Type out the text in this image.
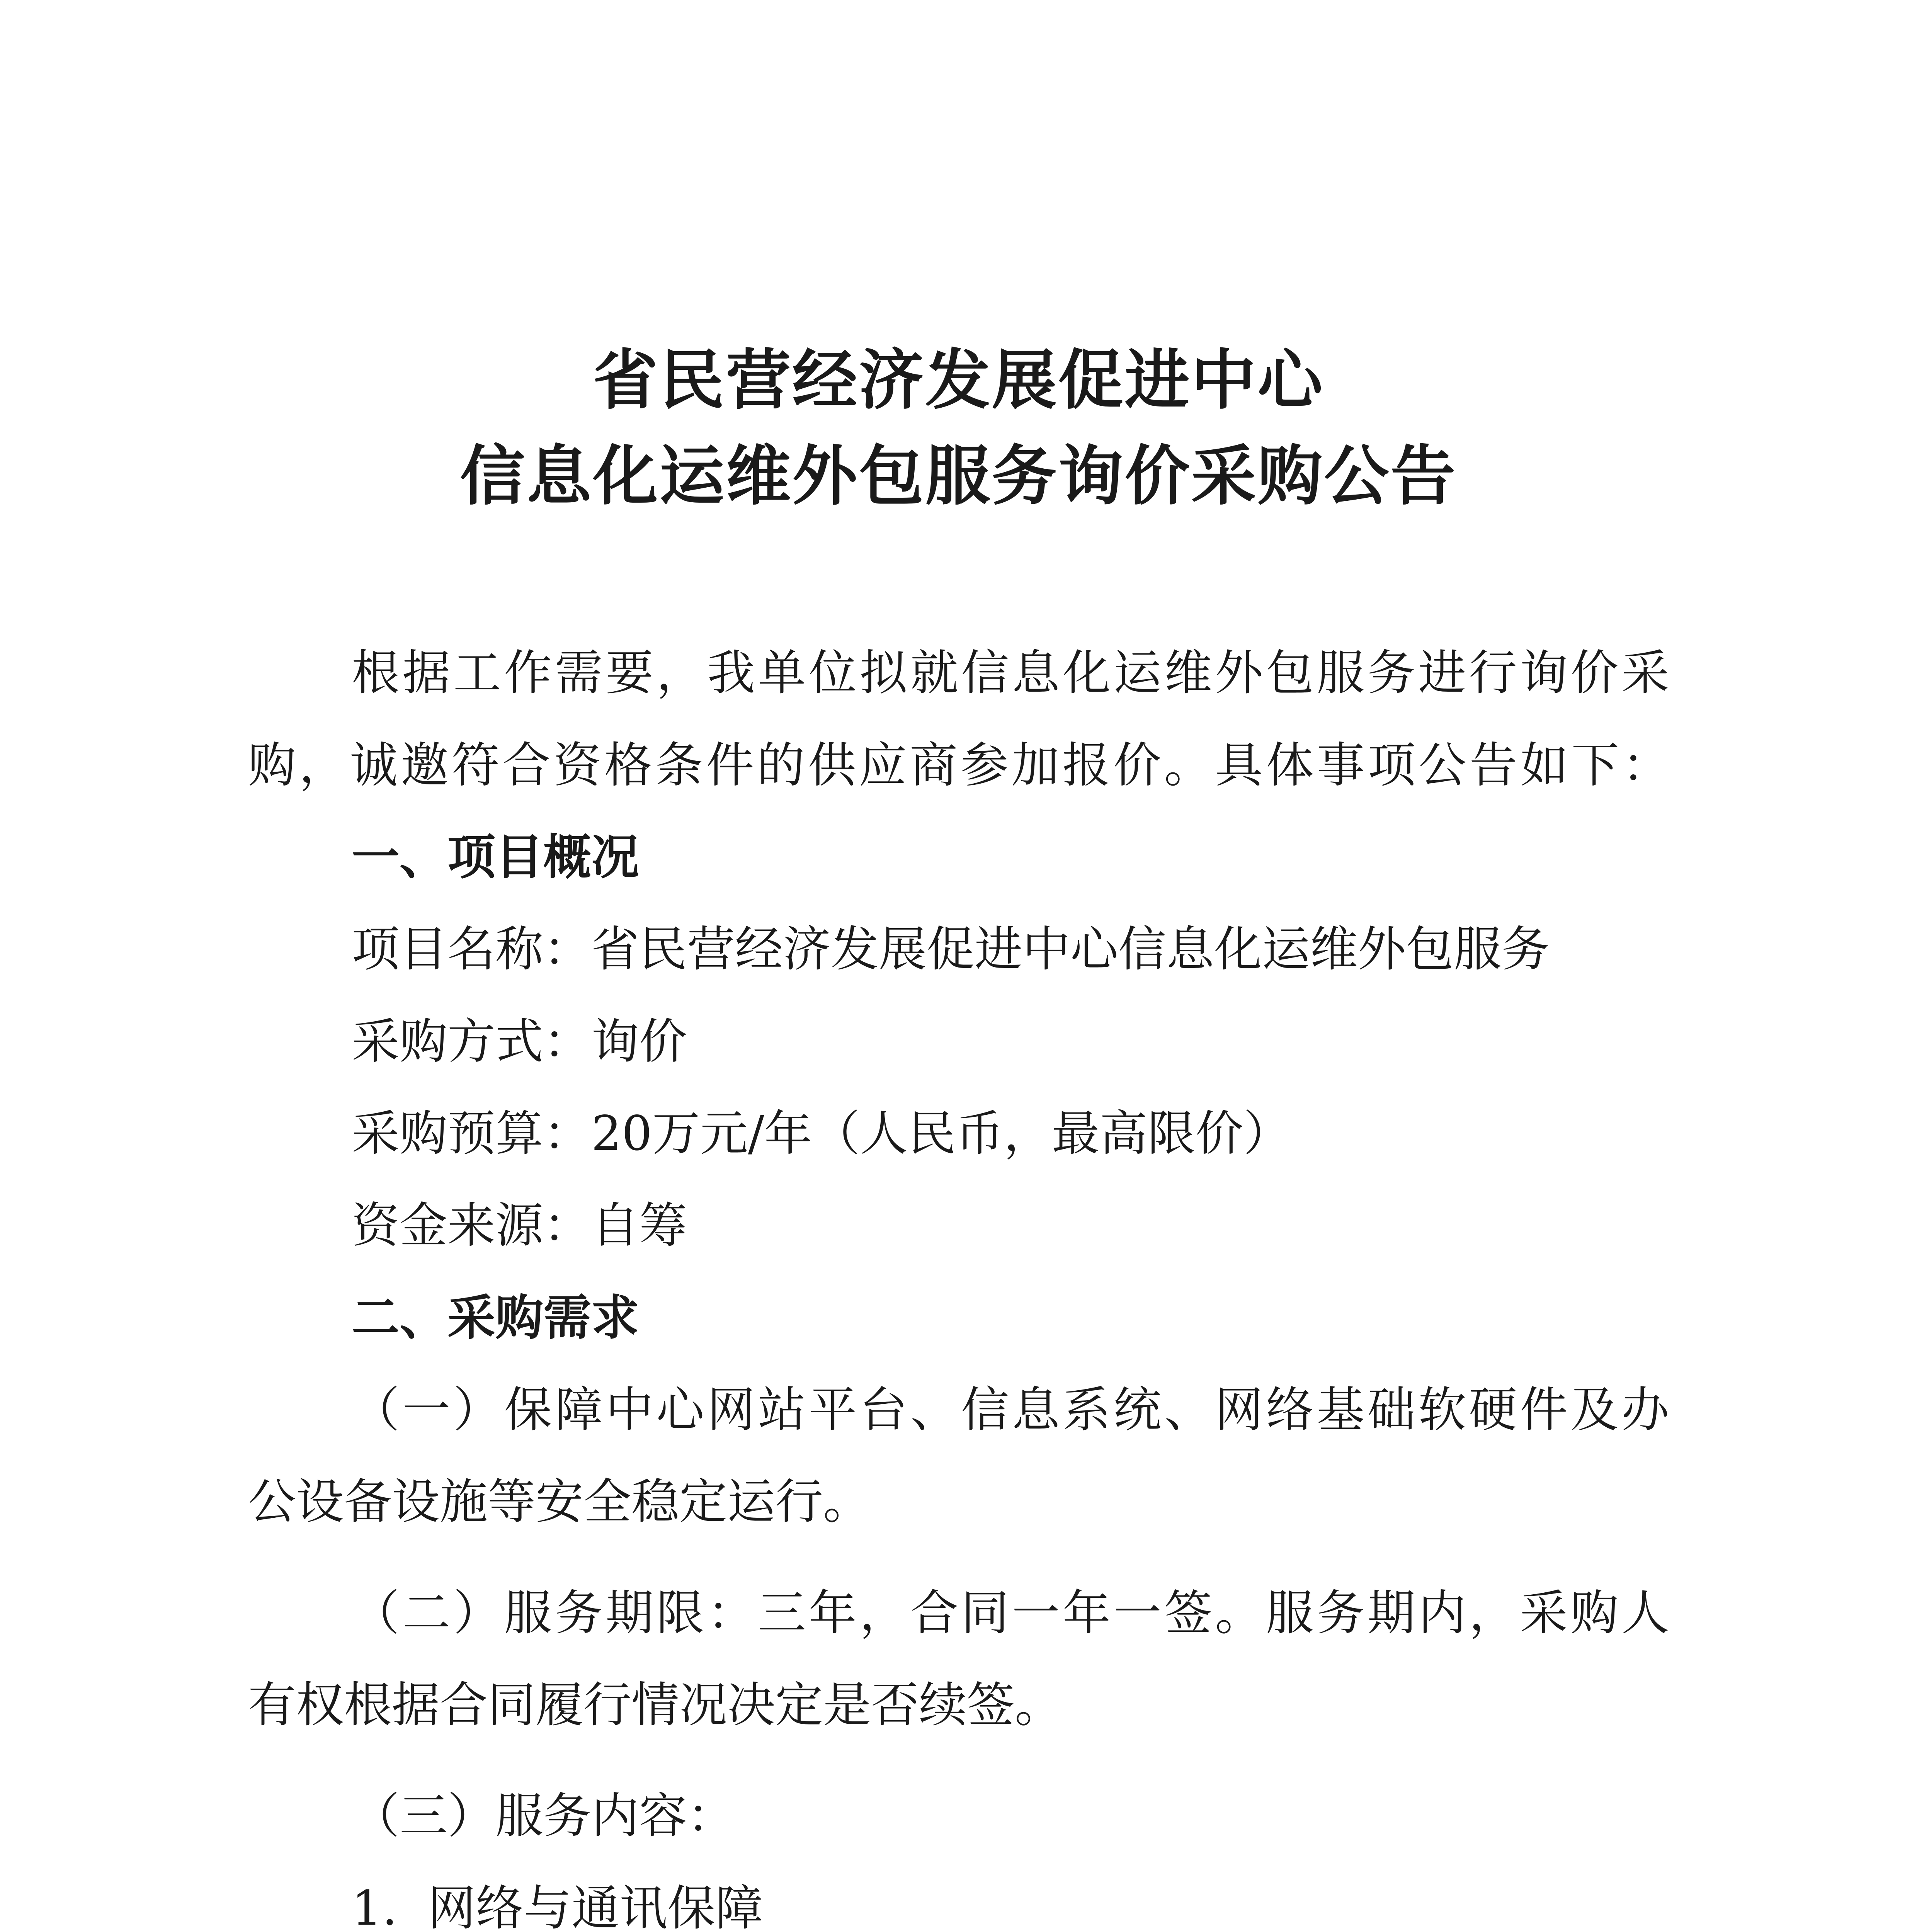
省民营经济发展促进中心
信息化运维外包服务询价采购公告
根据工作需要，我单位拟就信息化运维外包服务进行询价采
购，诚邀符合资格条件的供应商参加报价。具体事项公告如下：
一、项目概况
项目名称：省民营经济发展促进中心信息化运维外包服务
采购方式：询价
采购预算：20万元/年（人民币，最高限价）
资金来源：自筹
二、采购需求
（一）保障中心网站平台、信息系统、网络基础软硬件及办
公设备设施等安全稳定运行。
（二）服务期限：三年，合同一年一签。服务期内，采购人
有权根据合同履行情况决定是否续签。
（三）服务内容：
1.  网络与通讯保障
